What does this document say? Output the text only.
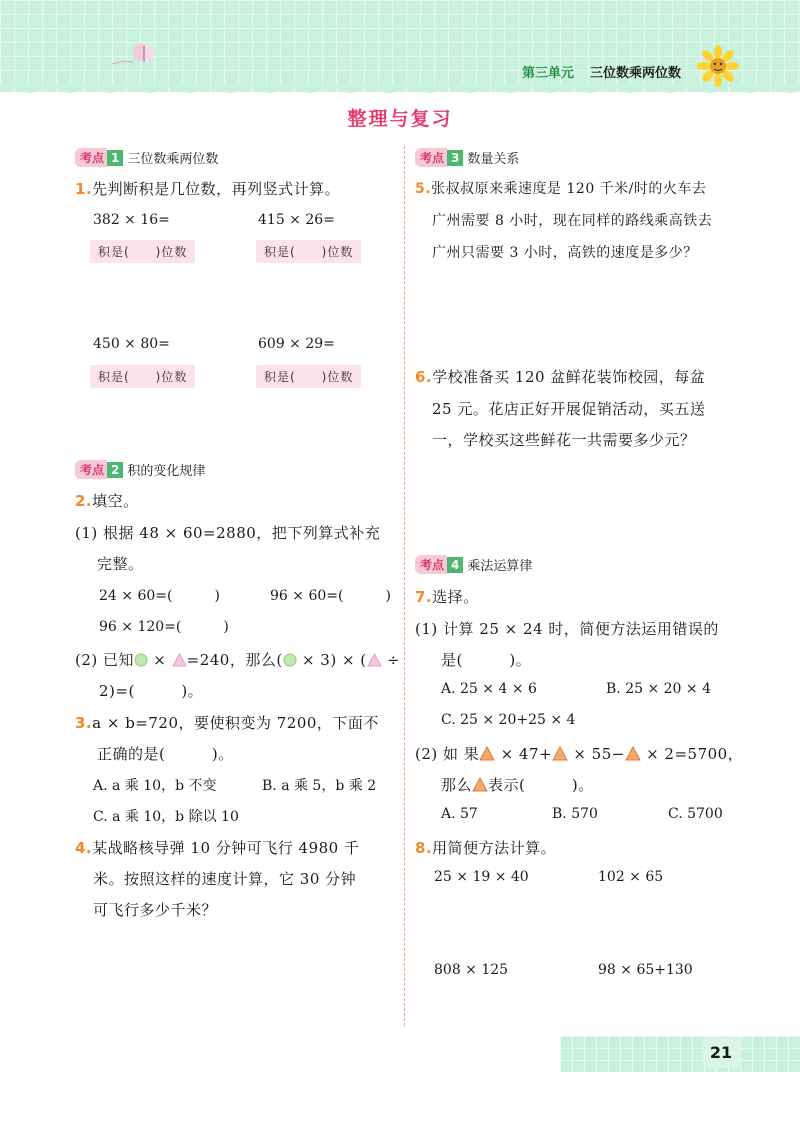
第三单元 三位数乘两位数
整理与复习
考点 1 三位数乘两位数
1.先判断积是几位数，再列竖式计算。
382 × 16=	415 × 26=
积是(　　)位数	积是(　　)位数
450 × 80=	609 × 29=
积是(　　)位数	积是(　　)位数
考点 2 积的变化规律
2.填空。
(1) 根据 48 × 60=2880，把下列算式补充
完整。
24 × 60=(　　　)	96 × 60=(　　　)
96 × 120=(　　　)
(2) 已知 × =240，那么( × 3) × ( ÷
2)=(　　　)。
3.a × b=720，要使积变为 7200，下面不
正确的是(　　　)。
A. a 乘 10，b 不变	B. a 乘 5，b 乘 2
C. a 乘 10，b 除以 10
4.某战略核导弹 10 分钟可飞行 4980 千
米。按照这样的速度计算，它 30 分钟
可飞行多少千米？
考点 3 数量关系
5.张叔叔原来乘速度是 120 千米/时的火车去
广州需要 8 小时，现在同样的路线乘高铁去
广州只需要 3 小时，高铁的速度是多少？
6.学校准备买 120 盆鲜花装饰校园，每盆
25 元。花店正好开展促销活动，买五送
一，学校买这些鲜花一共需要多少元？
考点 4 乘法运算律
7.选择。
(1) 计算 25 × 24 时，简便方法运用错误的
是(　　　)。
A. 25 × 4 × 6	B. 25 × 20 × 4
C. 25 × 20+25 × 4
(2) 如 果 × 47+ × 55− × 2=5700，
那么 表示(　　　)。
A. 57	B. 570	C. 5700
8.用简便方法计算。
25 × 19 × 40	102 × 65
808 × 125	98 × 65+130
21
